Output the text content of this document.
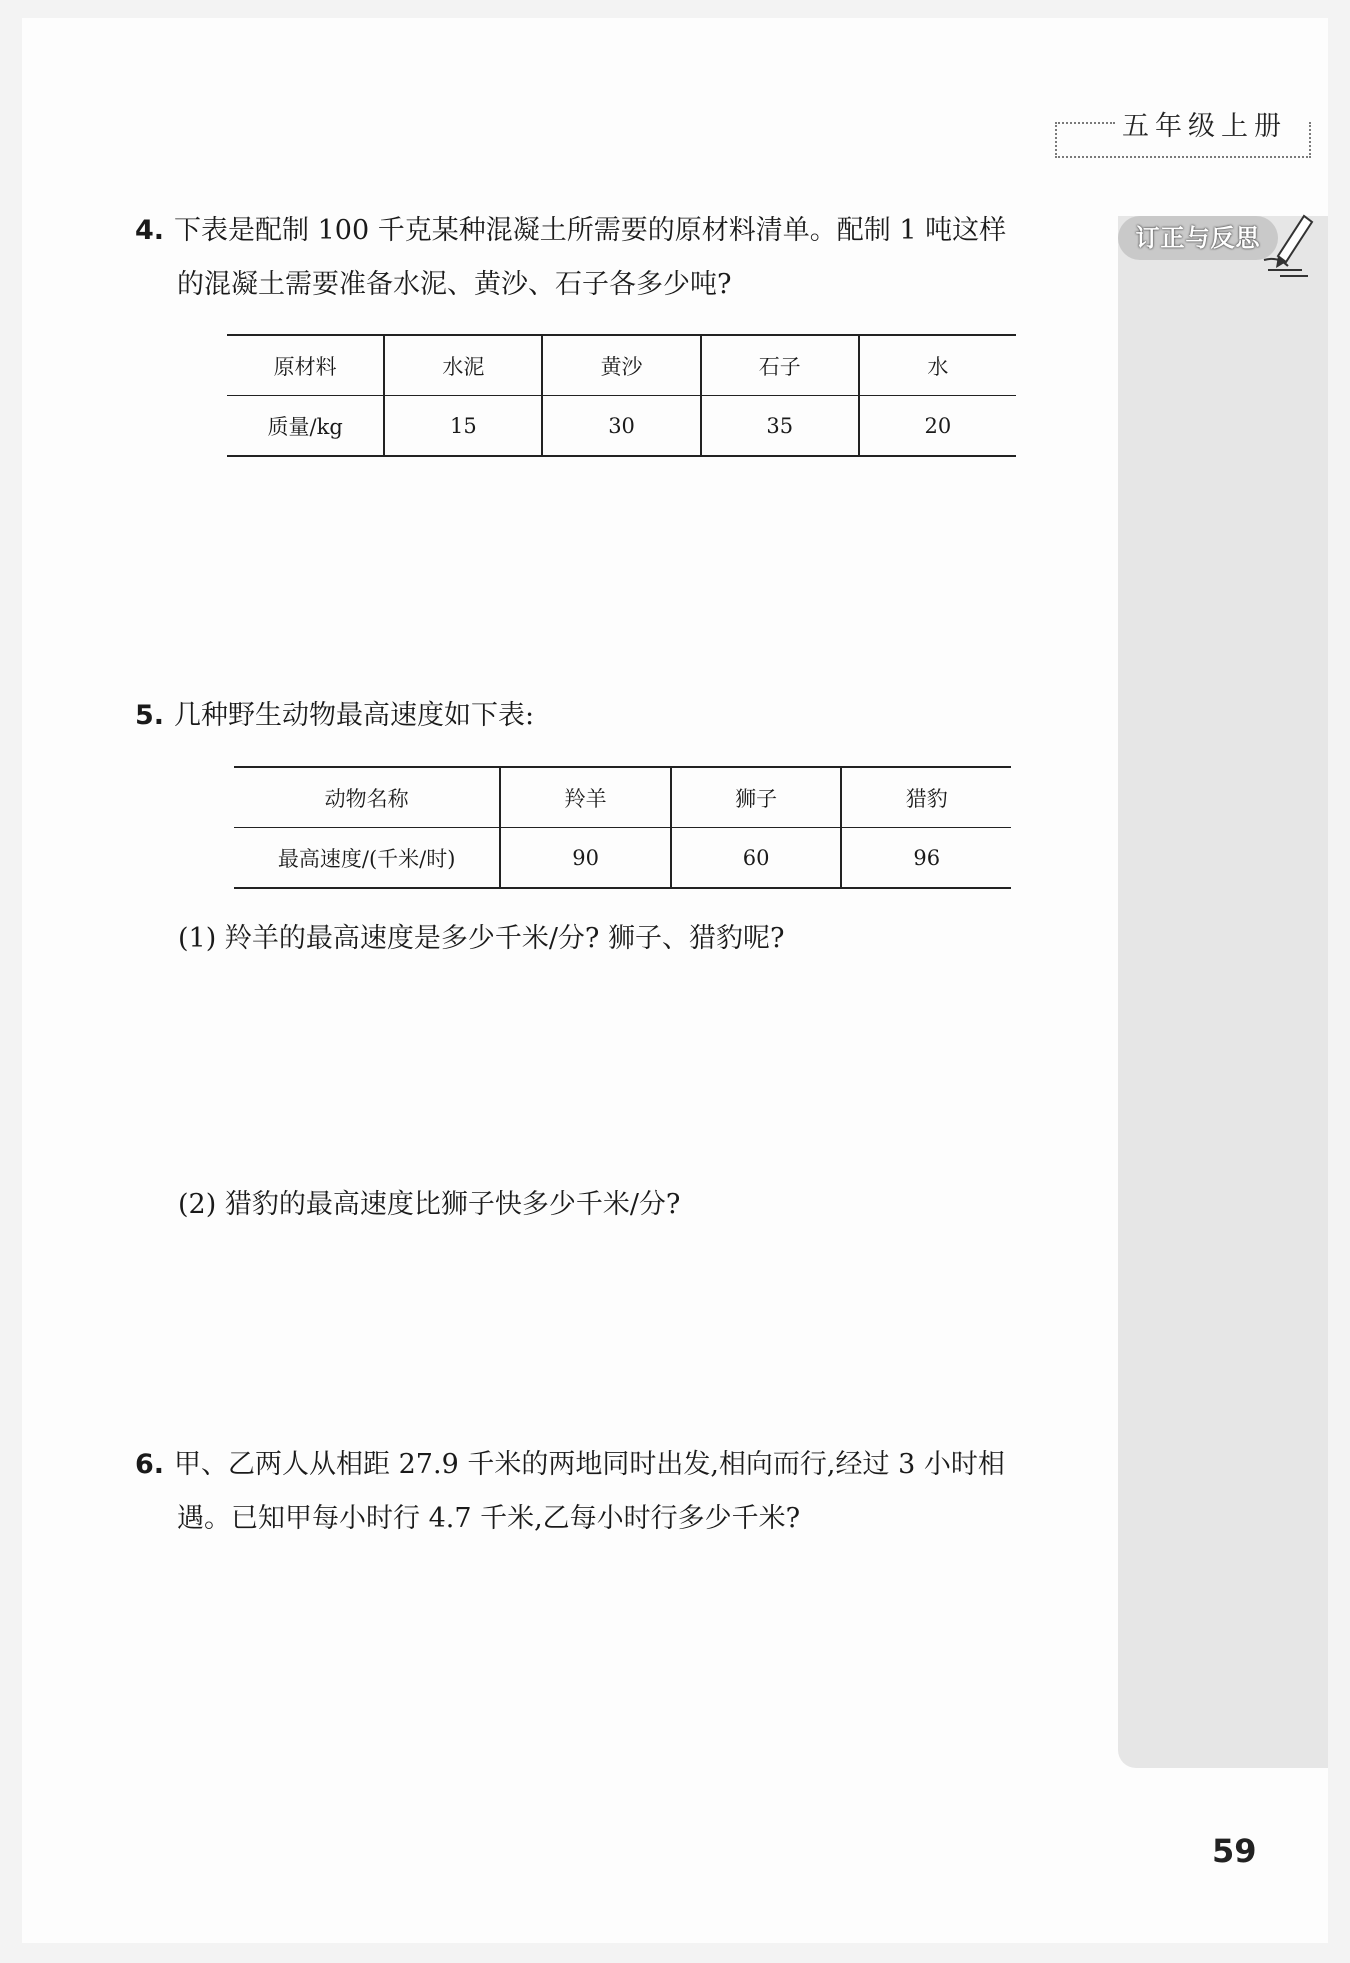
五年级上册
订正与反思
4. 下表是配制 100 千克某种混凝土所需要的原材料清单。配制 1 吨这样
的混凝土需要准备水泥、黄沙、石子各多少吨?
原材料	水泥	黄沙	石子	水
质量/kg	15	30	35	20
5. 几种野生动物最高速度如下表:
动物名称	羚羊	狮子	猎豹
最高速度/(千米/时)	90	60	96
(1) 羚羊的最高速度是多少千米/分? 狮子、猎豹呢?
(2) 猎豹的最高速度比狮子快多少千米/分?
6. 甲、乙两人从相距 27.9 千米的两地同时出发,相向而行,经过 3 小时相
遇。已知甲每小时行 4.7 千米,乙每小时行多少千米?
59
